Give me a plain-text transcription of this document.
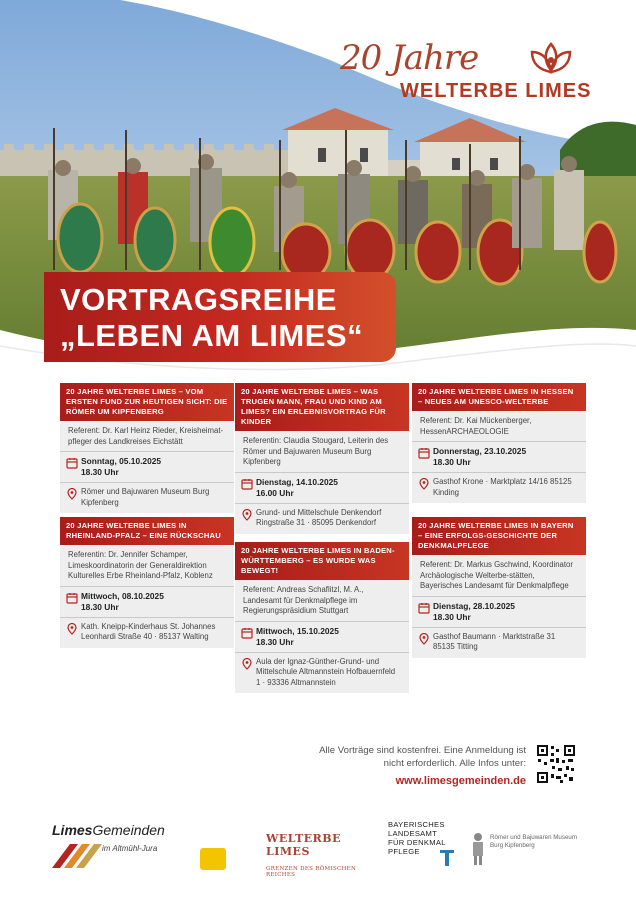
20 Jahre
WELTERBE LIMES
VORTRAGSREIHE
„LEBEN AM LIMES“
20 JAHRE WELTERBE LIMES – VOM ERSTEN FUND ZUR HEUTIGEN SICHT: DIE RÖMER UM KIPFENBERG
Referent: Dr. Karl Heinz Rieder, Kreisheimat-pfleger des Landkreises Eichstätt
Sonntag, 05.10.2025
18.30 Uhr
Römer und Bajuwaren Museum Burg Kipfenberg
20 JAHRE WELTERBE LIMES – WAS TRUGEN MANN, FRAU UND KIND AM LIMES? EIN ERLEBNISVORTRAG FÜR KINDER
Referentin: Claudia Stougard, Leiterin des Römer und Bajuwaren Museum Burg Kipfenberg
Dienstag, 14.10.2025
16.00 Uhr
Grund- und Mittelschule Denkendorf Ringstraße 31 · 85095 Denkendorf
20 JAHRE WELTERBE LIMES IN HESSEN – NEUES AM UNESCO-WELTERBE
Referent: Dr. Kai Mückenberger, HessenARCHAEOLOGIE
Donnerstag, 23.10.2025
18.30 Uhr
Gasthof Krone · Marktplatz 14/16 85125 Kinding
20 JAHRE WELTERBE LIMES IN RHEINLAND-PFALZ – EINE RÜCKSCHAU
Referentin: Dr. Jennifer Schamper, Limeskoordinatorin der Generaldirektion Kulturelles Erbe Rheinland-Pfalz, Koblenz
Mittwoch, 08.10.2025
18.30 Uhr
Kath. Kneipp-Kinderhaus St. Johannes Leonhardi Straße 40 · 85137 Walting
20 JAHRE WELTERBE LIMES IN BADEN-WÜRTTEMBERG – ES WURDE WAS BEWEGT!
Referent: Andreas Schaflitzl, M. A., Landesamt für Denkmalpflege im Regierungspräsidium Stuttgart
Mittwoch, 15.10.2025
18.30 Uhr
Aula der Ignaz-Günther-Grund- und Mittelschule Altmannstein Hofbauernfeld 1 · 93336 Altmannstein
20 JAHRE WELTERBE LIMES IN BAYERN – EINE ERFOLGS-GESCHICHTE DER DENKMALPFLEGE
Referent: Dr. Markus Gschwind, Koordinator Archäologische Welterbe-stätten, Bayerisches Landesamt für Denkmalpflege
Dienstag, 28.10.2025
18.30 Uhr
Gasthof Baumann · Marktstraße 31 85135 Titting
Alle Vorträge sind kostenfrei. Eine Anmeldung ist
nicht erforderlich. Alle Infos unter:
www.limesgemeinden.de
LimesGemeinden
im Altmühl-Jura
WELTERBE LIMES
GRENZEN DES RÖMISCHEN REICHES
BAYERISCHES
LANDESAMT
FÜR DENKMAL
PFLEGE
Römer und Bajuwaren Museum
Burg Kipfenberg
